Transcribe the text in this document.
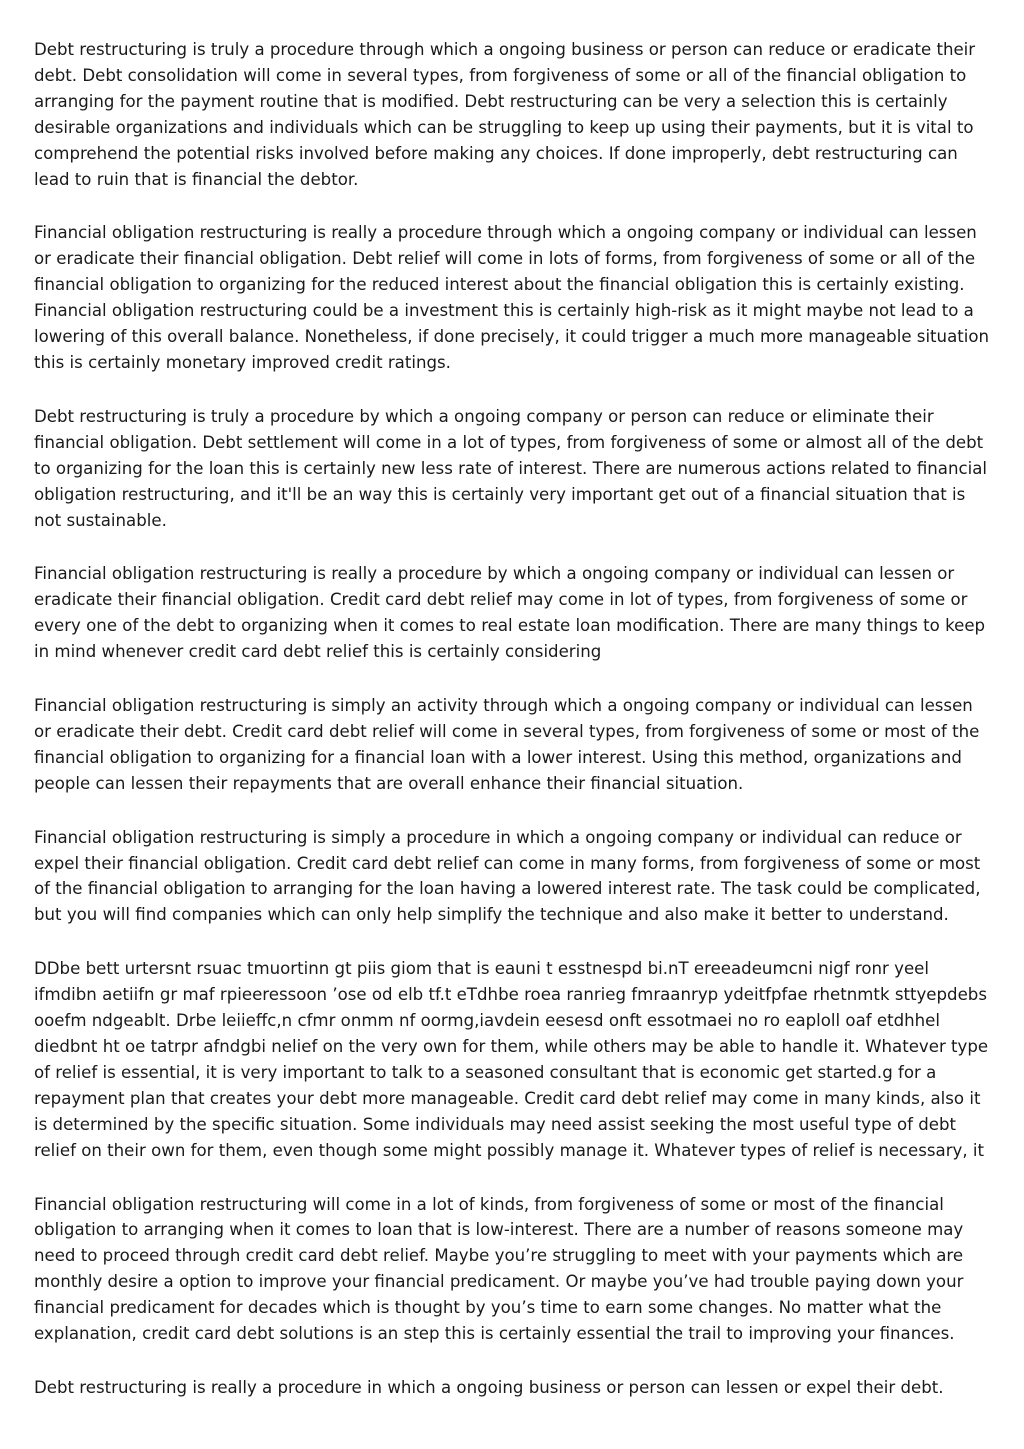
Debt restructuring is truly a procedure through which a ongoing business or person can reduce or eradicate their debt. Debt consolidation will come in several types, from forgiveness of some or all of the financial obligation to arranging for the payment routine that is modified. Debt restructuring can be very a selection this is certainly desirable organizations and individuals which can be struggling to keep up using their payments, but it is vital to comprehend the potential risks involved before making any choices. If done improperly, debt restructuring can lead to ruin that is financial the debtor.

Financial obligation restructuring is really a procedure through which a ongoing company or individual can lessen or eradicate their financial obligation. Debt relief will come in lots of forms, from forgiveness of some or all of the financial obligation to organizing for the reduced interest about the financial obligation this is certainly existing. Financial obligation restructuring could be a investment this is certainly high-risk as it might maybe not lead to a lowering of this overall balance. Nonetheless, if done precisely, it could trigger a much more manageable situation this is certainly monetary improved credit ratings.

Debt restructuring is truly a procedure by which a ongoing company or person can reduce or eliminate their financial obligation. Debt settlement will come in a lot of types, from forgiveness of some or almost all of the debt to organizing for the loan this is certainly new less rate of interest. There are numerous actions related to financial obligation restructuring, and it'll be an way this is certainly very important get out of a financial situation that is not sustainable.

Financial obligation restructuring is really a procedure by which a ongoing company or individual can lessen or eradicate their financial obligation. Credit card debt relief may come in lot of types, from forgiveness of some or every one of the debt to organizing when it comes to real estate loan modification. There are many things to keep in mind whenever credit card debt relief this is certainly considering

Financial obligation restructuring is simply an activity through which a ongoing company or individual can lessen or eradicate their debt. Credit card debt relief will come in several types, from forgiveness of some or most of the financial obligation to organizing for a financial loan with a lower interest. Using this method, organizations and people can lessen their repayments that are overall enhance their financial situation.

Financial obligation restructuring is simply a procedure in which a ongoing company or individual can reduce or expel their financial obligation. Credit card debt relief can come in many forms, from forgiveness of some or most of the financial obligation to arranging for the loan having a lowered interest rate. The task could be complicated, but you will find companies which can only help simplify the technique and also make it better to understand.

DDbe bett urtersnt rsuac tmuortinn gt piis giom that is eauni t esstnespd bi.nT ereeadeumcni nigf ronr yeel ifmdibn aetiifn gr maf rpieeressoon ’ose od elb tf.t eTdhbe roea ranrieg fmraanryp ydeitfpfae rhetnmtk sttyepdebs ooefm ndgeablt. Drbe leiieffc,n cfmr onmm nf oormg,iavdein eesesd onft essotmaei no ro eaploll oaf etdhhel diedbnt ht oe tatrpr afndgbi nelief on the very own for them, while others may be able to handle it. Whatever type of relief is essential, it is very important to talk to a seasoned consultant that is economic get started.g for a repayment plan that creates your debt more manageable. Credit card debt relief may come in many kinds, also it is determined by the specific situation. Some individuals may need assist seeking the most useful type of debt relief on their own for them, even though some might possibly manage it. Whatever types of relief is necessary, it

Financial obligation restructuring will come in a lot of kinds, from forgiveness of some or most of the financial obligation to arranging when it comes to loan that is low-interest. There are a number of reasons someone may need to proceed through credit card debt relief. Maybe you’re struggling to meet with your payments which are monthly desire a option to improve your financial predicament. Or maybe you’ve had trouble paying down your financial predicament for decades which is thought by you’s time to earn some changes. No matter what the explanation, credit card debt solutions is an step this is certainly essential the trail to improving your finances.

Debt restructuring is really a procedure in which a ongoing business or person can lessen or expel their debt.
